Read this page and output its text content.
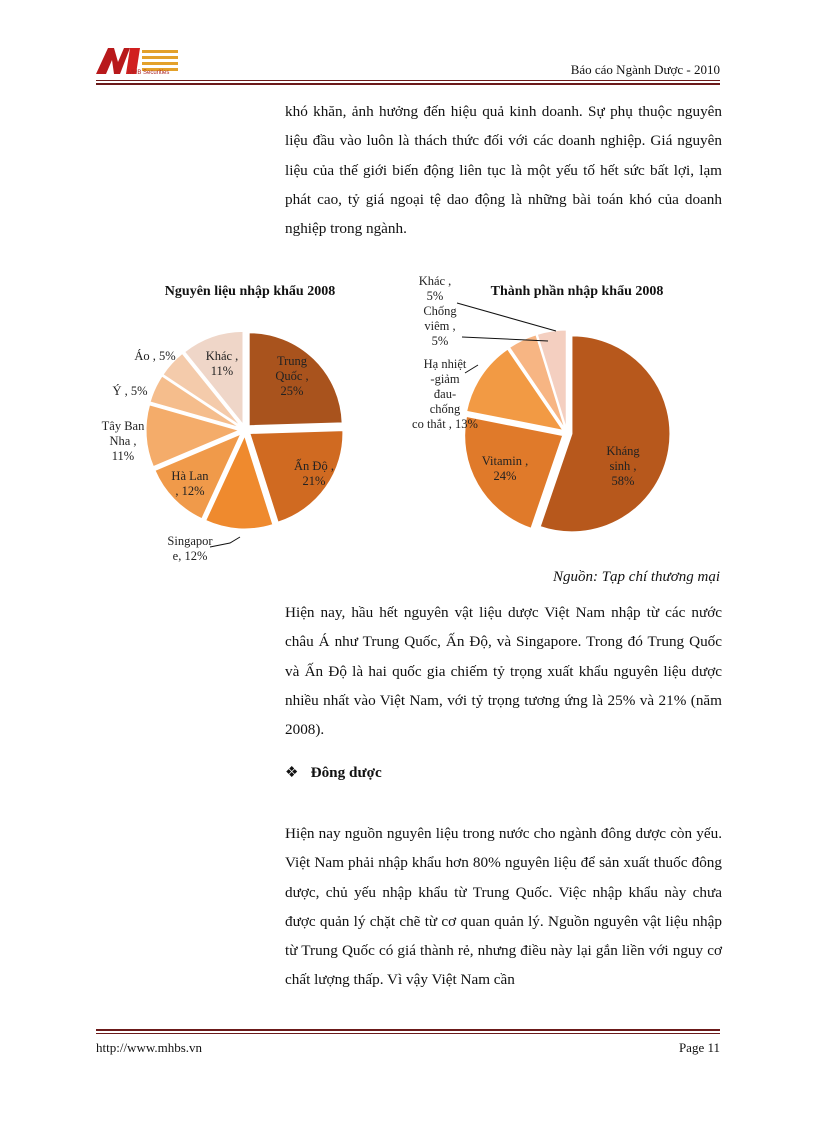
MHB Securities	Báo cáo Ngành Dược - 2010

khó khăn, ảnh hưởng đến hiệu quả kinh doanh. Sự phụ thuộc nguyên liệu đầu vào luôn là thách thức đối với các doanh nghiệp. Giá nguyên liệu của thế giới biến động liên tục là một yếu tố hết sức bất lợi, lạm phát cao, tỷ giá ngoại tệ dao động là những bài toán khó của doanh nghiệp trong ngành.

Nguyên liệu nhập khẩu 2008	Thành phần nhập khẩu 2008
Trung Quốc , 25%
Ấn Độ , 21%
Singapor e, 12%
Hà Lan , 12%
Tây Ban Nha , 11%
Ý , 5%
Áo , 5% Khác , 11%
Kháng sinh , 58%
Vitamin , 24%
Hạ nhiệt -giảm đau-chống co thắt , 13%
Chống viêm , 5%
Khác , 5%
Nguồn: Tạp chí thương mại

Hiện nay, hầu hết nguyên vật liệu dược Việt Nam nhập từ các nước châu Á như Trung Quốc, Ấn Độ, và Singapore. Trong đó Trung Quốc và Ấn Độ là hai quốc gia chiếm tỷ trọng xuất khẩu nguyên liệu dược nhiều nhất vào Việt Nam, với tỷ trọng tương ứng là 25% và 21% (năm 2008).

❖ Đông dược

Hiện nay nguồn nguyên liệu trong nước cho ngành đông dược còn yếu. Việt Nam phải nhập khẩu hơn 80% nguyên liệu để sản xuất thuốc đông dược, chủ yếu nhập khẩu từ Trung Quốc. Việc nhập khẩu này chưa được quản lý chặt chẽ từ cơ quan quản lý. Nguồn nguyên vật liệu nhập từ Trung Quốc có giá thành rẻ, nhưng điều này lại gắn liền với nguy cơ chất lượng thấp. Vì vậy Việt Nam cần

http://www.mhbs.vn	Page 11
